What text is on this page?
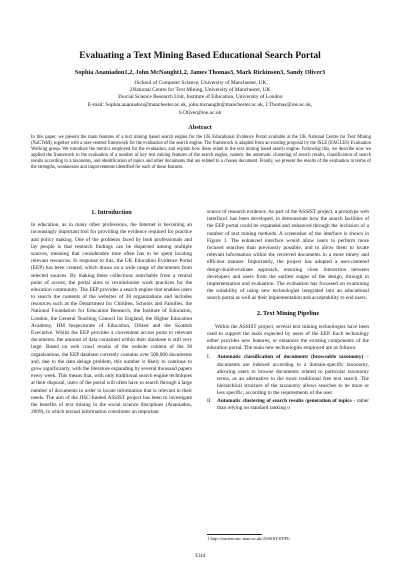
Evaluating a Text Mining Based Educational Search Portal
Sophia Ananiadou1,2, John McNaught1,2, James Thomas3, Mark Rickinson3, Sandy Oliver3
1School of Computer Science, University of Manchester, UK
2National Centre for Text Mining, University of Manchester, UK
3Social Science Research Unit, Institute of Education, University of London
E-mail: Sophia.ananiadou@manchester.ac.uk, john.mcnaught@manchester.ac.uk, J.Thomas@ioe.ac.uk,
S.Oliver@ioe.ac.uk
Abstract
In this paper, we present the main features of a text mining based search engine for the UK Educational Evidence Portal available at the UK National Centre for Text Mining (NaCTeM), together with a user-centred framework for the evaluation of the search engine. The framework is adapted from an existing proposal by the ISLE (EAGLES) Evaluation Working group. We introduce the metrics employed for the evaluation, and explain how these relate to the text mining based search engine. Following this, we describe how we applied the framework to the evaluation of a number of key text mining features of the search engine, namely the automatic clustering of search results, classification of search results according to a taxonomy, and identification of topics and other documents that are related to a chosen document. Finally, we present the results of the evaluation in terms of the strengths, weaknesses and improvements identified for each of these features.
1. Introduction

In education, as in many other professions, the Internet is becoming an increasingly important tool for providing the evidence required for practice and policy making. One of the problems faced by both professionals and lay people is that research findings can be dispersed among multiple sources, meaning that considerable time often has to be spent locating relevant resources. In response to this, the UK Education Evidence Portal (EEP) has been created, which draws on a wide range of documents from selected sources. By making these collections searchable from a central point of access, the portal aims to revolutionise work practices for the education community. The EEP provides a search engine that enables users to search the contents of the websites of 38 organizations and includes resources such as the Department for Children, Schools and Families, the National Foundation for Education Research, the Institute of Education, London, the General Teaching Council for England, the Higher Education Academy, HM Inspectorate of Education, Ofsted and the Scottish Executive. Whilst the EEP provides a convenient access point to relevant documents, the amount of data contained within their database is still very large. Based on web crawl results of the website content of the 38 organisations, the EEP database currently contains over 500,000 documents and, due to the data deluge problem, this number is likely to continue to grow significantly, with the literature expanding by several thousand papers every week. This means that, with only traditional search engine techniques at their disposal, users of the portal will often have to search through a large number of documents in order to locate information that is relevant to their needs. The aim of the JISC-funded ASSIST project has been to investigate the benefits of text mining in the social science disciplines (Ananiadou, 2009), in which textual information constitutes an important

source of research evidence. As part of the ASSIST project, a prototype web interface1 has been developed, to demonstrate how the search facilities of the EEP portal could be expanded and enhanced through the inclusion of a number of text mining methods. A screenshot of the interface is shown in Figure 1. The enhanced interface would allow users to perform more focused searches than previously possible, and to allow them to locate relevant information within the retrieved documents in a more timely and efficient manner. Importantly, the project has adopted a user-centered design-build-evaluate approach, ensuring close interaction between developers and users from the earliest stages of the design, through to implementation and evaluation. The evaluation has focussed on examining the suitability of using new technologies integrated into an educational search portal as well as their implementation and acceptability to end users.

2. Text Mining Pipeline

Within the ASSIST project, several text mining technologies have been used to support the tasks expected by users of the EEP. Each technology either provides new features, or enhances the existing components of the education portal. The main new technologies employed are as follows:

I. Automatic classification of documents (browsable taxonomy) – documents are indexed according to a domain-specific taxonomy, allowing users to browse documents related to particular taxonomy terms, as an alternative to the more traditional free text search. The hierarchical structure of the taxonomy allows searches to be more or less specific, according to the requirements of the user.
II. Automatic clustering of search results /generation of topics - rather than relying on standard ranking o
1 http://nactem.mc.man.ac.uk/ASSIST-EPPI/
3344
